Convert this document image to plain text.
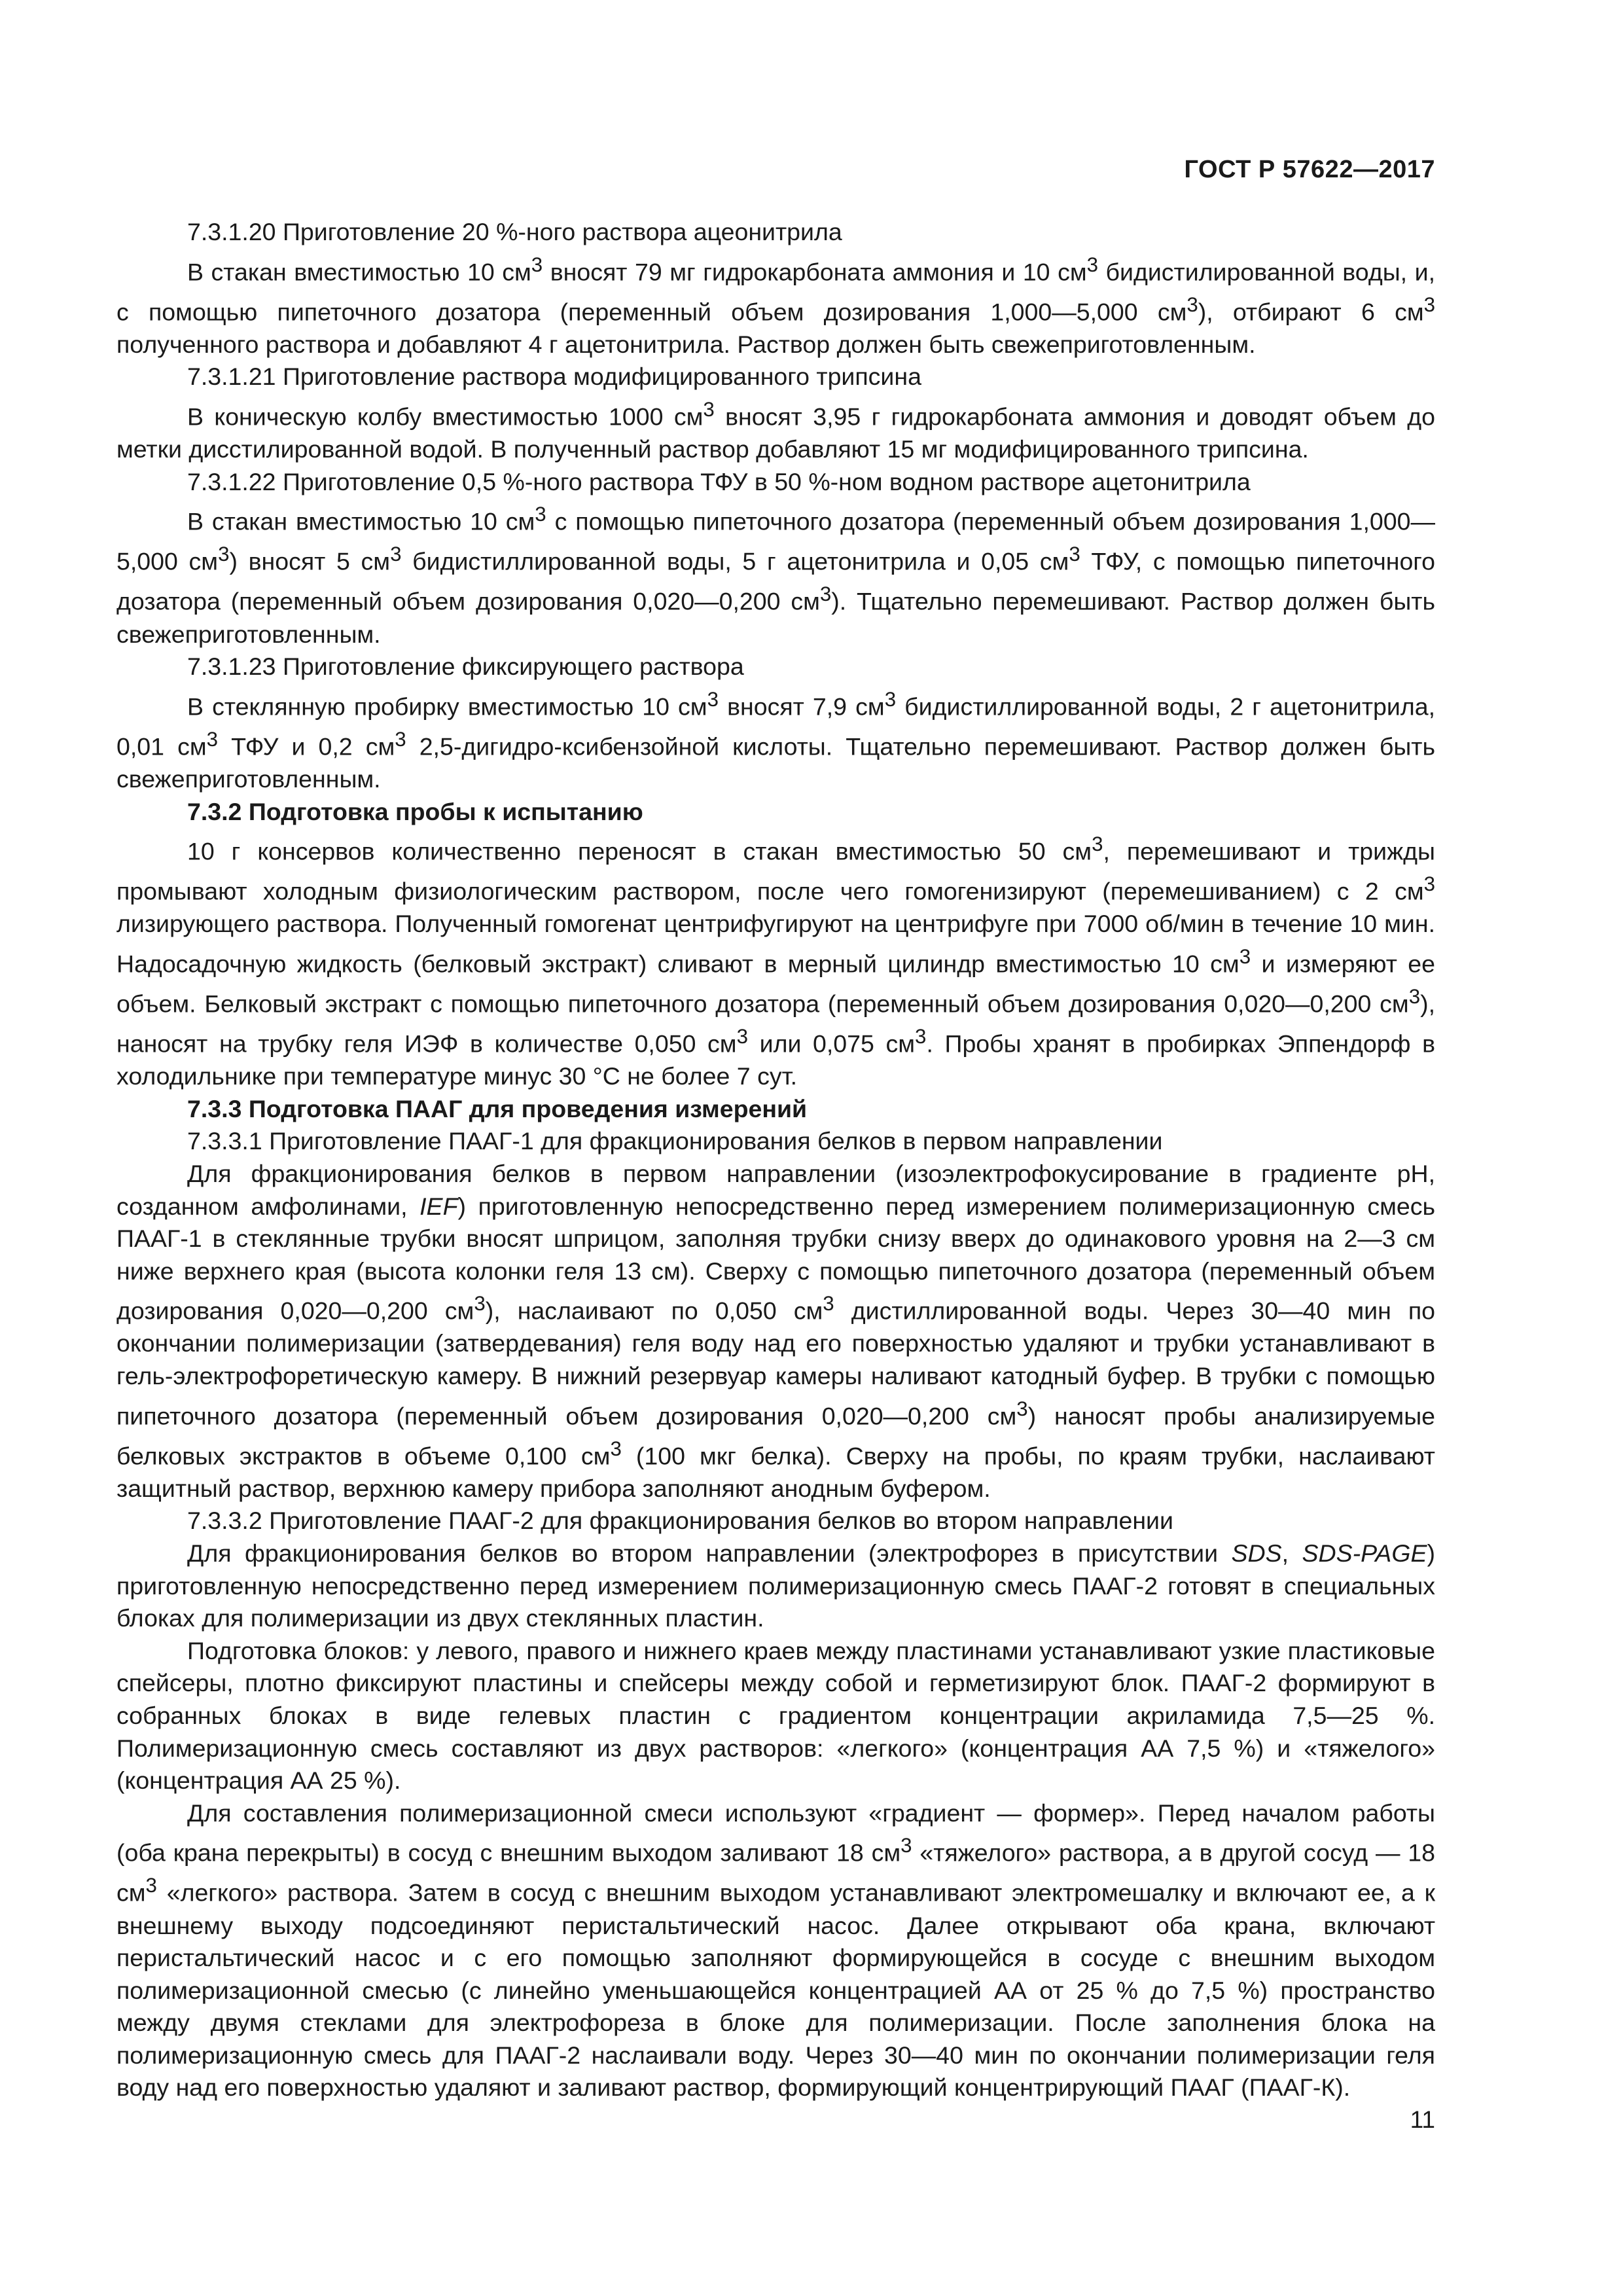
ГОСТ Р 57622—2017

7.3.1.20 Приготовление 20 %-ного раствора ацеонитрила

В стакан вместимостью 10 $см^3$ вносят 79 мг гидрокарбоната аммония и 10 $см^3$ бидистилированной воды, и, с помощью пипеточного дозатора (переменный объем дозирования 1,000—5,000 $см^3$), отбирают 6 $см^3$ полученного раствора и добавляют 4 г ацетонитрила. Раствор должен быть свежеприготовленным.

7.3.1.21 Приготовление раствора модифицированного трипсина

В коническую колбу вместимостью 1000 $см^3$ вносят 3,95 г гидрокарбоната аммония и доводят объем до метки дисстилированной водой. В полученный раствор добавляют 15 мг модифицированного трипсина.

7.3.1.22 Приготовление 0,5 %-ного раствора ТФУ в 50 %-ном водном растворе ацетонитрила

В стакан вместимостью 10 $см^3$ с помощью пипеточного дозатора (переменный объем дозирования 1,000—5,000 $см^3$) вносят 5 $см^3$ бидистиллированной воды, 5 г ацетонитрила и 0,05 $см^3$ ТФУ, с помощью пипеточного дозатора (переменный объем дозирования 0,020—0,200 $см^3$). Тщательно перемешивают. Раствор должен быть свежеприготовленным.

7.3.1.23 Приготовление фиксирующего раствора

В стеклянную пробирку вместимостью 10 $см^3$ вносят 7,9 $см^3$ бидистиллированной воды, 2 г ацетонитрила, 0,01 $см^3$ ТФУ и 0,2 $см^3$ 2,5-дигидро-ксибензойной кислоты. Тщательно перемешивают. Раствор должен быть свежеприготовленным.

7.3.2 Подготовка пробы к испытанию

10 г консервов количественно переносят в стакан вместимостью 50 $см^3$, перемешивают и трижды промывают холодным физиологическим раствором, после чего гомогенизируют (перемешиванием) с 2 $см^3$ лизирующего раствора. Полученный гомогенат центрифугируют на центрифуге при 7000 об/мин в течение 10 мин. Надосадочную жидкость (белковый экстракт) сливают в мерный цилиндр вместимостью 10 $см^3$ и измеряют ее объем. Белковый экстракт с помощью пипеточного дозатора (переменный объем дозирования 0,020—0,200 $см^3$), наносят на трубку геля ИЭФ в количестве 0,050 $см^3$ или 0,075 $см^3$. Пробы хранят в пробирках Эппендорф в холодильнике при температуре минус 30 °C не более 7 сут.

7.3.3 Подготовка ПААГ для проведения измерений

7.3.3.1 Приготовление ПААГ-1 для фракционирования белков в первом направлении

Для фракционирования белков в первом направлении (изоэлектрофокусирование в градиенте pH, созданном амфолинами, IEF) приготовленную непосредственно перед измерением полимеризационную смесь ПААГ-1 в стеклянные трубки вносят шприцом, заполняя трубки снизу вверх до одинакового уровня на 2—3 см ниже верхнего края (высота колонки геля 13 см). Сверху с помощью пипеточного дозатора (переменный объем дозирования 0,020—0,200 $см^3$), наслаивают по 0,050 $см^3$ дистиллированной воды. Через 30—40 мин по окончании полимеризации (затвердевания) геля воду над его поверхностью удаляют и трубки устанавливают в гель-электрофоретическую камеру. В нижний резервуар камеры наливают катодный буфер. В трубки с помощью пипеточного дозатора (переменный объем дозирования 0,020—0,200 $см^3$) наносят пробы анализируемые белковых экстрактов в объеме 0,100 $см^3$ (100 мкг белка). Сверху на пробы, по краям трубки, наслаивают защитный раствор, верхнюю камеру прибора заполняют анодным буфером.

7.3.3.2 Приготовление ПААГ-2 для фракционирования белков во втором направлении

Для фракционирования белков во втором направлении (электрофорез в присутствии SDS, SDS-PAGE) приготовленную непосредственно перед измерением полимеризационную смесь ПААГ-2 готовят в специальных блоках для полимеризации из двух стеклянных пластин.

Подготовка блоков: у левого, правого и нижнего краев между пластинами устанавливают узкие пластиковые спейсеры, плотно фиксируют пластины и спейсеры между собой и герметизируют блок. ПААГ-2 формируют в собранных блоках в виде гелевых пластин с градиентом концентрации акриламида 7,5—25 %. Полимеризационную смесь составляют из двух растворов: «легкого» (концентрация АА 7,5 %) и «тяжелого» (концентрация АА 25 %).

Для составления полимеризационной смеси используют «градиент — формер». Перед началом работы (оба крана перекрыты) в сосуд с внешним выходом заливают 18 $см^3$ «тяжелого» раствора, а в другой сосуд — 18 $см^3$ «легкого» раствора. Затем в сосуд с внешним выходом устанавливают электромешалку и включают ее, а к внешнему выходу подсоединяют перистальтический насос. Далее открывают оба крана, включают перистальтический насос и с его помощью заполняют формирующейся в сосуде с внешним выходом полимеризационной смесью (с линейно уменьшающейся концентрацией АА от 25 % до 7,5 %) пространство между двумя стеклами для электрофореза в блоке для полимеризации. После заполнения блока на полимеризационную смесь для ПААГ-2 наслаивали воду. Через 30—40 мин по окончании полимеризации геля воду над его поверхностью удаляют и заливают раствор, формирующий концентрирующий ПААГ (ПААГ-К).

11
